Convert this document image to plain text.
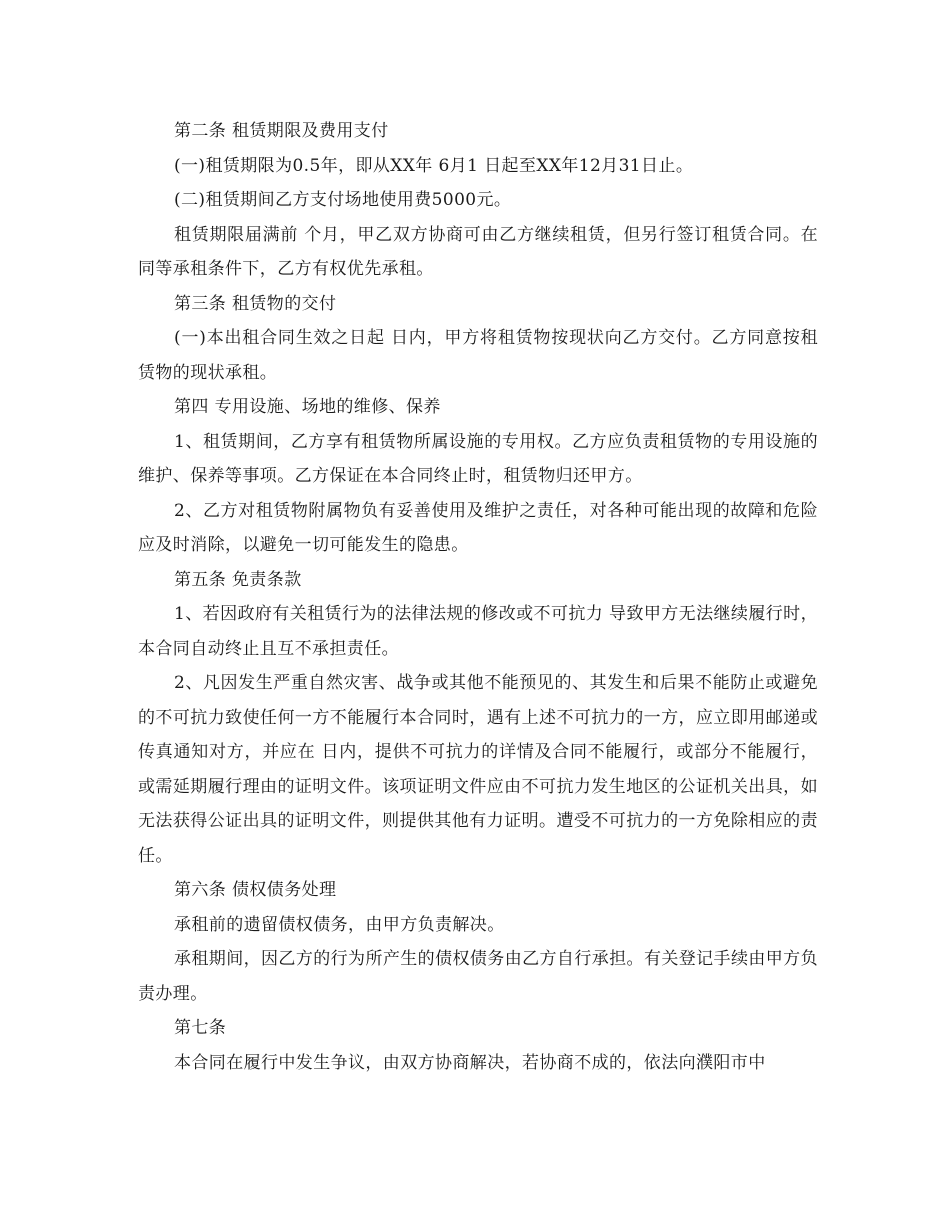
第二条 租赁期限及费用支付

(一)租赁期限为0.5年，即从XX年 6月1 日起至XX年12月31日止。

(二)租赁期间乙方支付场地使用费5000元。

租赁期限届满前 个月，甲乙双方协商可由乙方继续租赁，但另行签订租赁合同。在同等承租条件下，乙方有权优先承租。

第三条 租赁物的交付

(一)本出租合同生效之日起 日内，甲方将租赁物按现状向乙方交付。乙方同意按租赁物的现状承租。

第四 专用设施、场地的维修、保养

1、租赁期间，乙方享有租赁物所属设施的专用权。乙方应负责租赁物的专用设施的维护、保养等事项。乙方保证在本合同终止时，租赁物归还甲方。

2、乙方对租赁物附属物负有妥善使用及维护之责任，对各种可能出现的故障和危险应及时消除，以避免一切可能发生的隐患。

第五条 免责条款

1、若因政府有关租赁行为的法律法规的修改或不可抗力 导致甲方无法继续履行时，本合同自动终止且互不承担责任。

2、凡因发生严重自然灾害、战争或其他不能预见的、其发生和后果不能防止或避免的不可抗力致使任何一方不能履行本合同时，遇有上述不可抗力的一方，应立即用邮递或传真通知对方，并应在 日内，提供不可抗力的详情及合同不能履行，或部分不能履行，或需延期履行理由的证明文件。该项证明文件应由不可抗力发生地区的公证机关出具，如无法获得公证出具的证明文件，则提供其他有力证明。遭受不可抗力的一方免除相应的责任。

第六条 债权债务处理

承租前的遗留债权债务，由甲方负责解决。

承租期间，因乙方的行为所产生的债权债务由乙方自行承担。有关登记手续由甲方负责办理。

第七条

本合同在履行中发生争议，由双方协商解决，若协商不成的，依法向濮阳市中
